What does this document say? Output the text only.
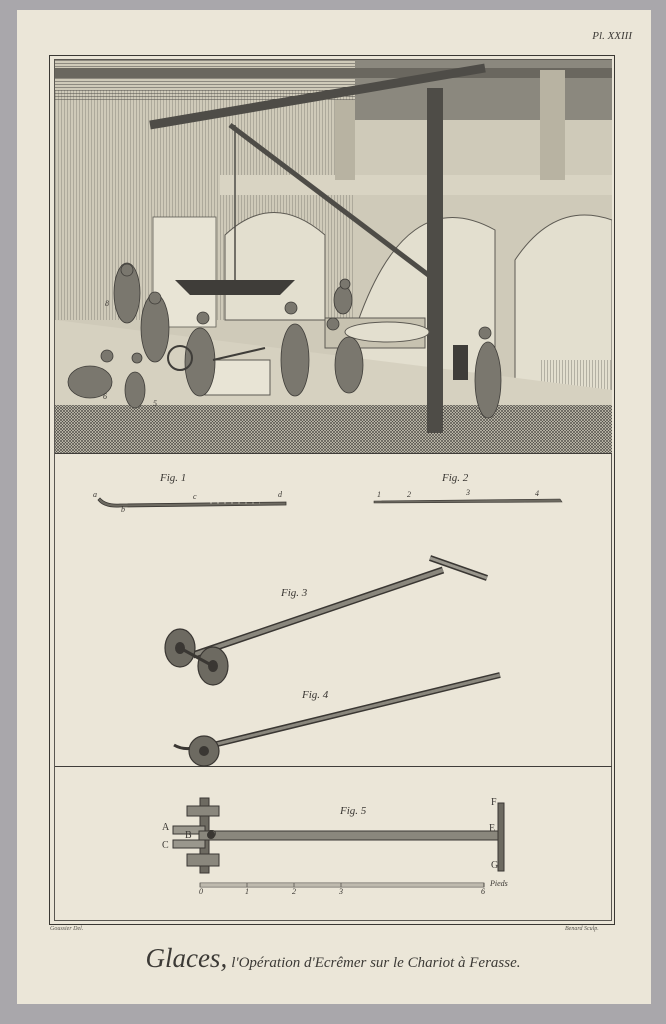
Pl. XXIII
8
6
5
Fig. 1
a
b
c	d
Fig. 2
1	2	3	4
Fig. 3
Fig. 4
Fig. 5
A
B
C
D
E
F
G
0	1	2	3	6
Pieds
Goussier Del.	Benard Sculp.
Glaces, l'Opération d'Ecrêmer sur le Chariot à Ferasse.
